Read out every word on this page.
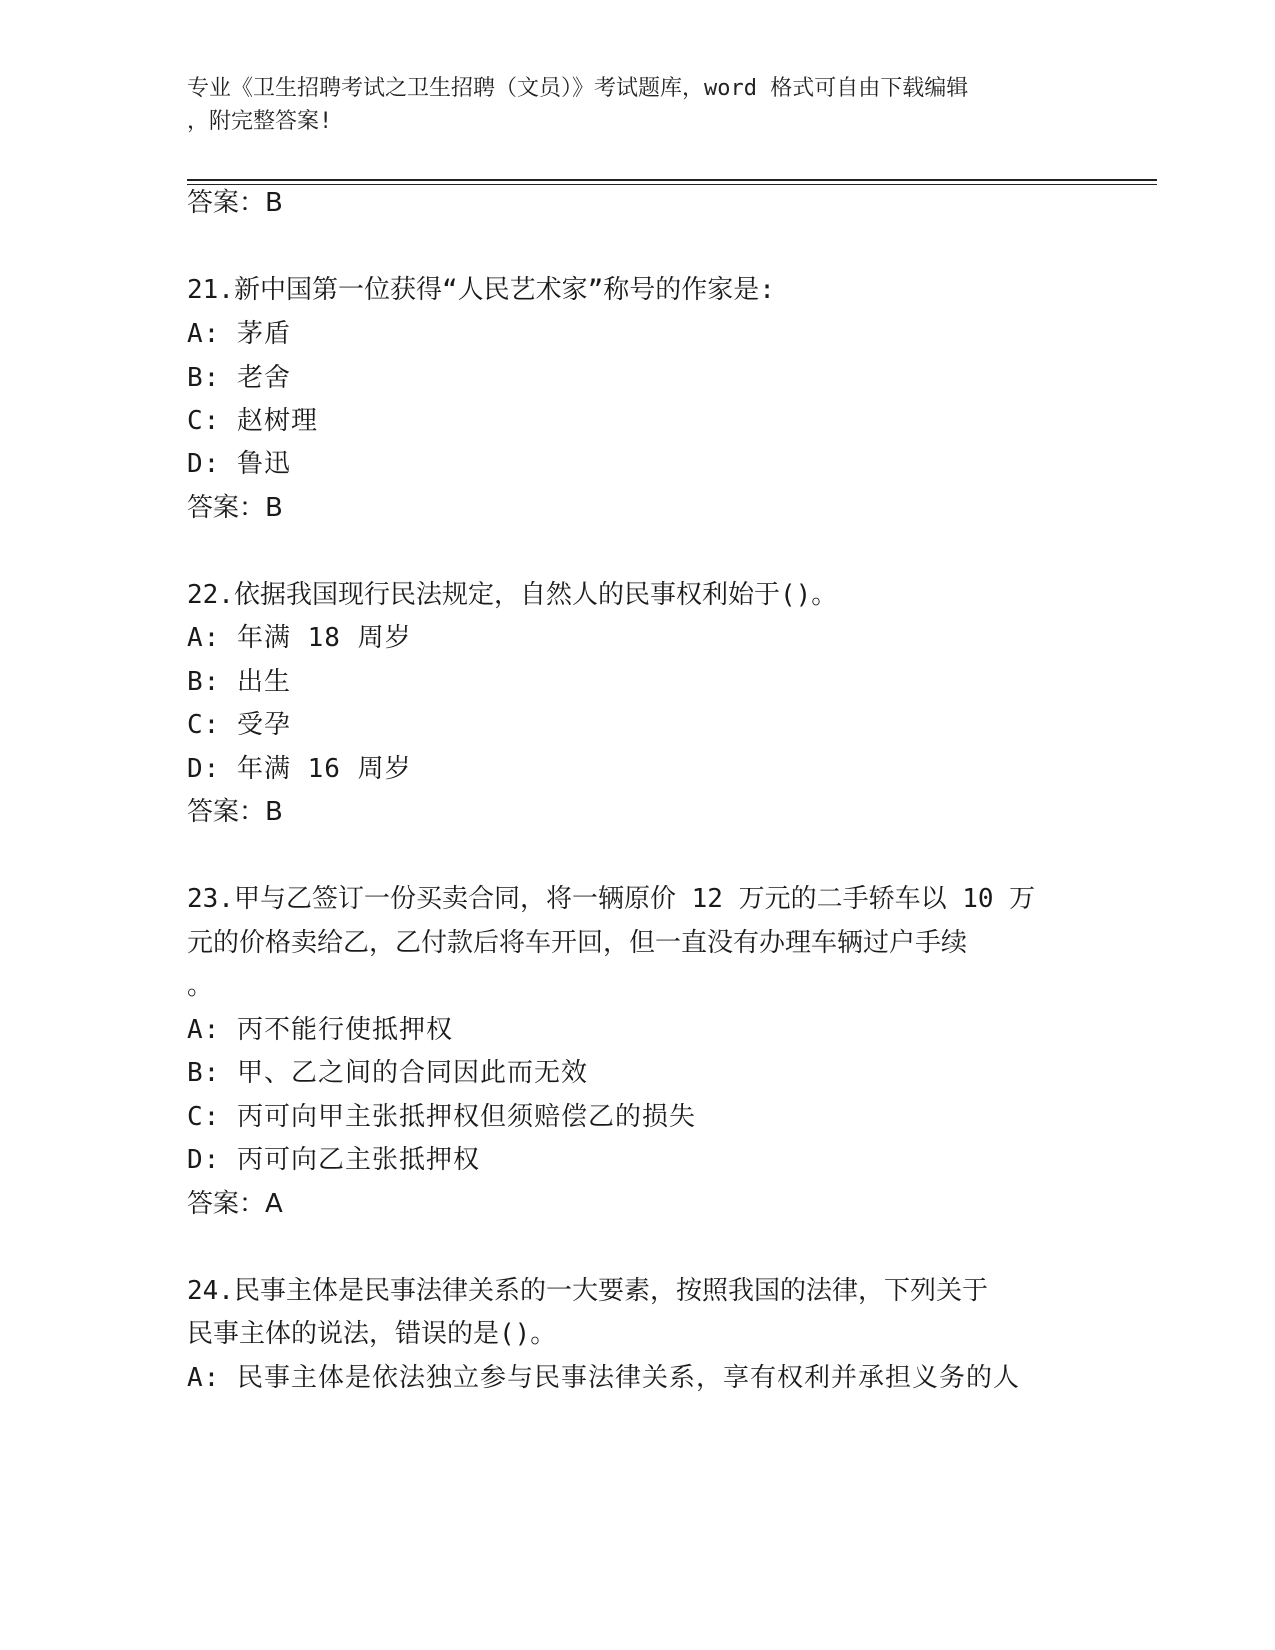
专业《卫生招聘考试之卫生招聘（文员）》考试题库，word 格式可自由下载编辑
，附完整答案!
答案：B
21.新中国第一位获得“人民艺术家”称号的作家是:
A: 茅盾
B: 老舍
C: 赵树理
D: 鲁迅
答案：B
22.依据我国现行民法规定，自然人的民事权利始于()。
A: 年满 18 周岁
B: 出生
C: 受孕
D: 年满 16 周岁
答案：B
23.甲与乙签订一份买卖合同，将一辆原价 12 万元的二手轿车以 10 万
元的价格卖给乙，乙付款后将车开回，但一直没有办理车辆过户手续
。
A: 丙不能行使抵押权
B: 甲、乙之间的合同因此而无效
C: 丙可向甲主张抵押权但须赔偿乙的损失
D: 丙可向乙主张抵押权
答案：A
24.民事主体是民事法律关系的一大要素，按照我国的法律，下列关于
民事主体的说法，错误的是()。
A: 民事主体是依法独立参与民事法律关系，享有权利并承担义务的人
